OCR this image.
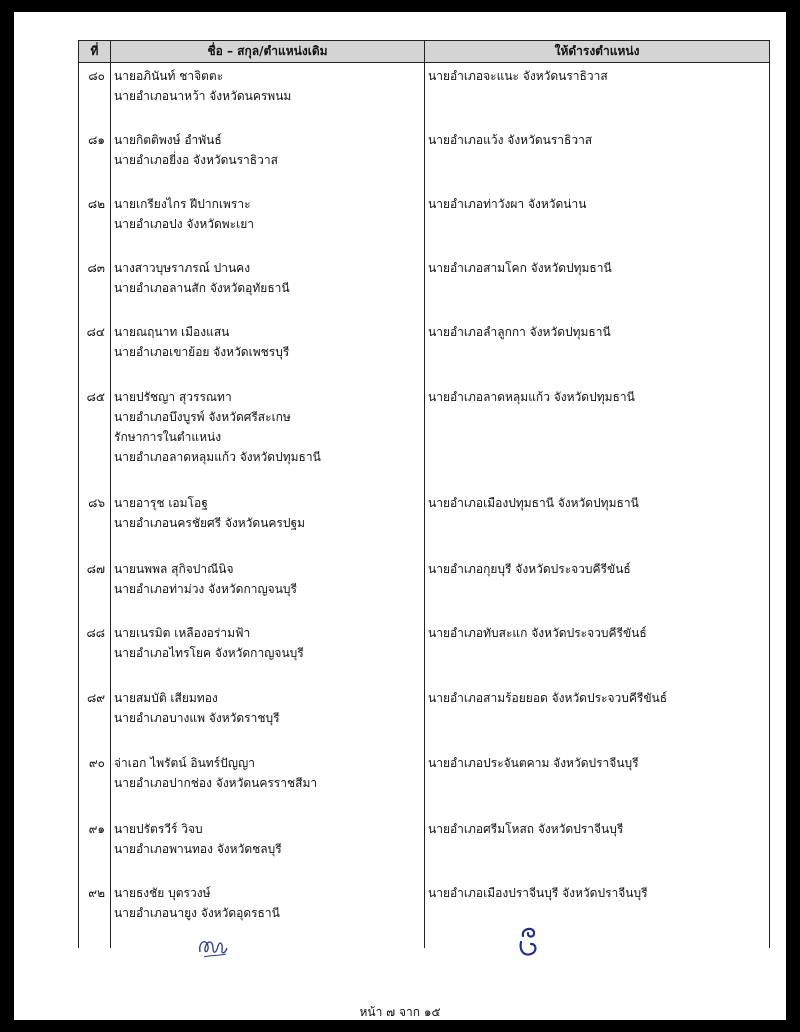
ที่	ชื่อ – สกุล/ตำแหน่งเดิม	ให้ดำรงตำแหน่ง
๘๐	นายอภินันท์ ชาจิตตะ
นายอำเภอนาหว้า จังหวัดนครพนม	นายอำเภอจะแนะ จังหวัดนราธิวาส
๘๑	นายกิตติพงษ์ อำพันธ์
นายอำเภอยี่งอ จังหวัดนราธิวาส	นายอำเภอแว้ง จังหวัดนราธิวาส
๘๒	นายเกรียงไกร ฝีปากเพราะ
นายอำเภอปง จังหวัดพะเยา	นายอำเภอท่าวังผา จังหวัดน่าน
๘๓	นางสาวบุษราภรณ์ ปานคง
นายอำเภอลานสัก จังหวัดอุทัยธานี	นายอำเภอสามโคก จังหวัดปทุมธานี
๘๔	นายณฤนาท เมืองแสน
นายอำเภอเขาย้อย จังหวัดเพชรบุรี	นายอำเภอลำลูกกา จังหวัดปทุมธานี
๘๕	นายปรัชญา สุวรรณทา
นายอำเภอบึงบูรพ์ จังหวัดศรีสะเกษ
รักษาการในตำแหน่ง
นายอำเภอลาดหลุมแก้ว จังหวัดปทุมธานี	นายอำเภอลาดหลุมแก้ว จังหวัดปทุมธานี
๘๖	นายอารุช เอมโอฐ
นายอำเภอนครชัยศรี จังหวัดนครปฐม	นายอำเภอเมืองปทุมธานี จังหวัดปทุมธานี
๘๗	นายนพพล สุกิจปาณีนิจ
นายอำเภอท่าม่วง จังหวัดกาญจนบุรี	นายอำเภอกุยบุรี จังหวัดประจวบคีรีขันธ์
๘๘	นายเนรมิต เหลืองอร่ามฟ้า
นายอำเภอไทรโยค จังหวัดกาญจนบุรี	นายอำเภอทับสะแก จังหวัดประจวบคีรีขันธ์
๘๙	นายสมบัติ เสียมทอง
นายอำเภอบางแพ จังหวัดราชบุรี	นายอำเภอสามร้อยยอด จังหวัดประจวบคีรีขันธ์
๙๐	จ่าเอก ไพรัตน์ อินทร์ปัญญา
นายอำเภอปากช่อง จังหวัดนครราชสีมา	นายอำเภอประจันตคาม จังหวัดปราจีนบุรี
๙๑	นายปรัตรวีร์ วิจบ
นายอำเภอพานทอง จังหวัดชลบุรี	นายอำเภอศรีมโหสถ จังหวัดปราจีนบุรี
๙๒	นายธงชัย บุตรวงษ์
นายอำเภอนายูง จังหวัดอุดรธานี	นายอำเภอเมืองปราจีนบุรี จังหวัดปราจีนบุรี
หน้า ๗ จาก ๑๕
